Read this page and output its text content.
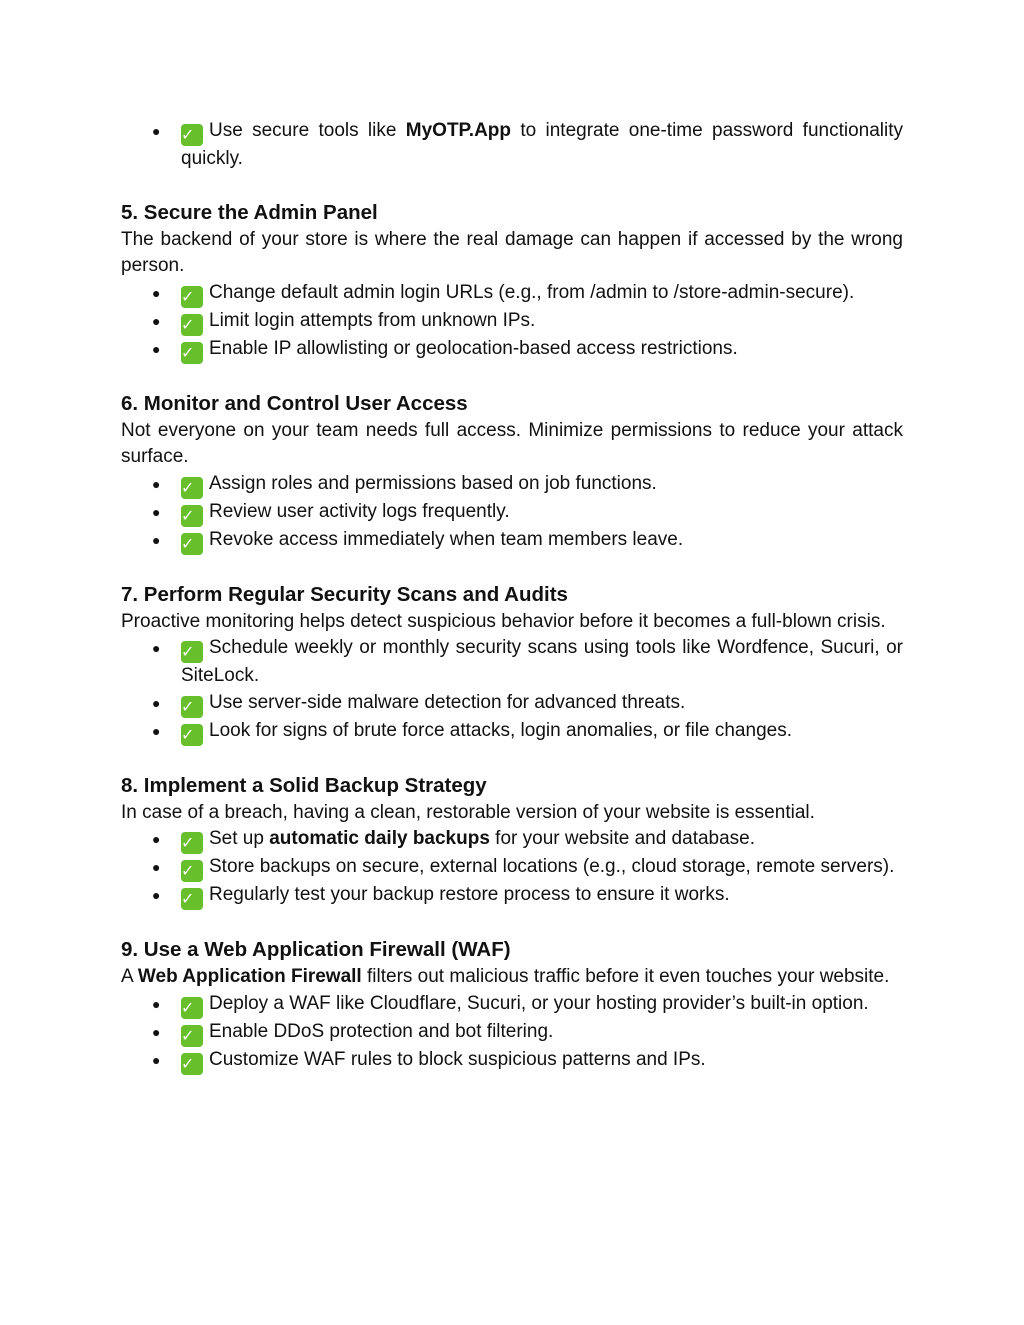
● ✓ Use secure tools like MyOTP.App to integrate one-time password functionality quickly.

5. Secure the Admin Panel

The backend of your store is where the real damage can happen if accessed by the wrong person.

● ✓ Change default admin login URLs (e.g., from /admin to /store-admin-secure).
● ✓ Limit login attempts from unknown IPs.
● ✓ Enable IP allowlisting or geolocation-based access restrictions.

6. Monitor and Control User Access

Not everyone on your team needs full access. Minimize permissions to reduce your attack surface.

● ✓ Assign roles and permissions based on job functions.
● ✓ Review user activity logs frequently.
● ✓ Revoke access immediately when team members leave.

7. Perform Regular Security Scans and Audits

Proactive monitoring helps detect suspicious behavior before it becomes a full-blown crisis.

● ✓ Schedule weekly or monthly security scans using tools like Wordfence, Sucuri, or SiteLock.
● ✓ Use server-side malware detection for advanced threats.
● ✓ Look for signs of brute force attacks, login anomalies, or file changes.

8. Implement a Solid Backup Strategy

In case of a breach, having a clean, restorable version of your website is essential.

● ✓ Set up automatic daily backups for your website and database.
● ✓ Store backups on secure, external locations (e.g., cloud storage, remote servers).
● ✓ Regularly test your backup restore process to ensure it works.

9. Use a Web Application Firewall (WAF)

A Web Application Firewall filters out malicious traffic before it even touches your website.

● ✓ Deploy a WAF like Cloudflare, Sucuri, or your hosting provider’s built-in option.
● ✓ Enable DDoS protection and bot filtering.
● ✓ Customize WAF rules to block suspicious patterns and IPs.
